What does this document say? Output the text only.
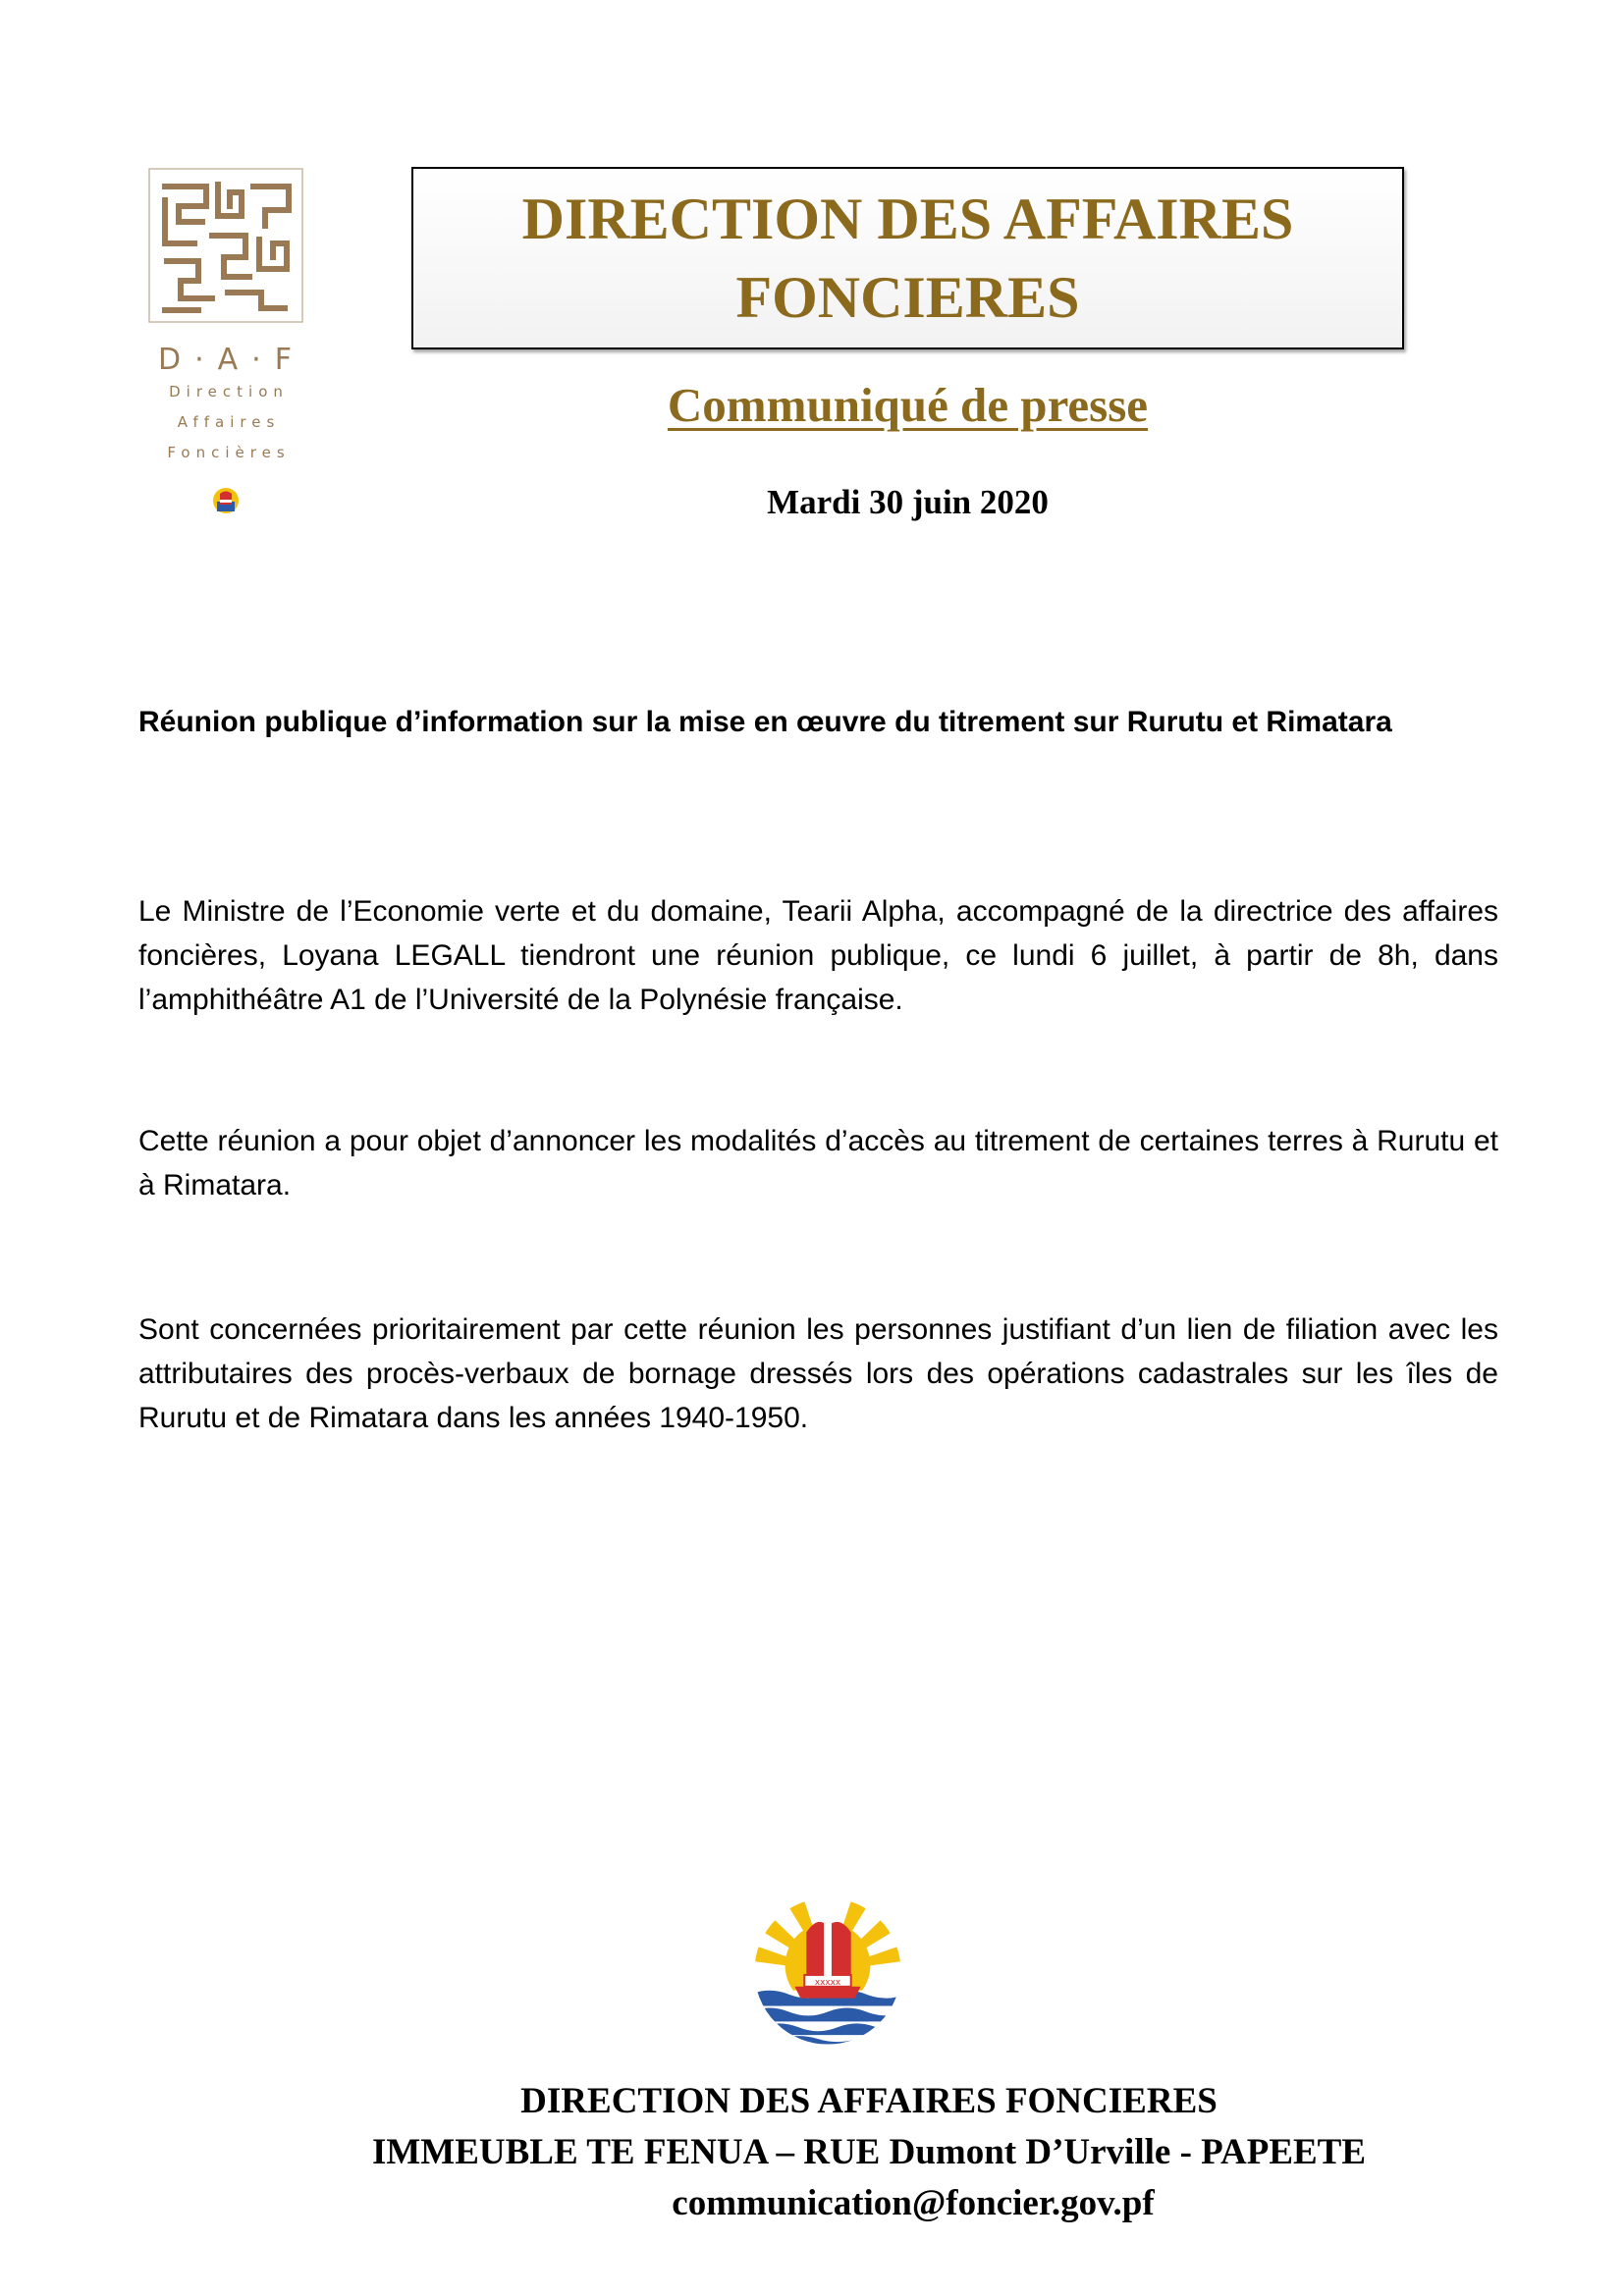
D·A·F
Direction
Affaires
Foncières
DIRECTION DES AFFAIRES FONCIERES
Communiqué de presse
Mardi 30 juin 2020
Réunion publique d’information sur la mise en œuvre du titrement sur Rurutu et Rimatara
Le Ministre de l’Economie verte et du domaine, Tearii Alpha, accompagné de la directrice des affaires foncières, Loyana LEGALL tiendront une réunion publique, ce lundi 6 juillet, à partir de 8h, dans l’amphithéâtre A1 de l’Université de la Polynésie française.
Cette réunion a pour objet d’annoncer les modalités d’accès au titrement de certaines terres à Rurutu et à Rimatara.
Sont concernées prioritairement par cette réunion les personnes justifiant d’un lien de filiation avec les attributaires des procès-verbaux de bornage dressés lors des opérations cadastrales sur les îles de Rurutu et de Rimatara dans les années 1940-1950.
xxxxx
DIRECTION DES AFFAIRES FONCIERES
IMMEUBLE TE FENUA – RUE Dumont D’Urville - PAPEETE
communication@foncier.gov.pf
